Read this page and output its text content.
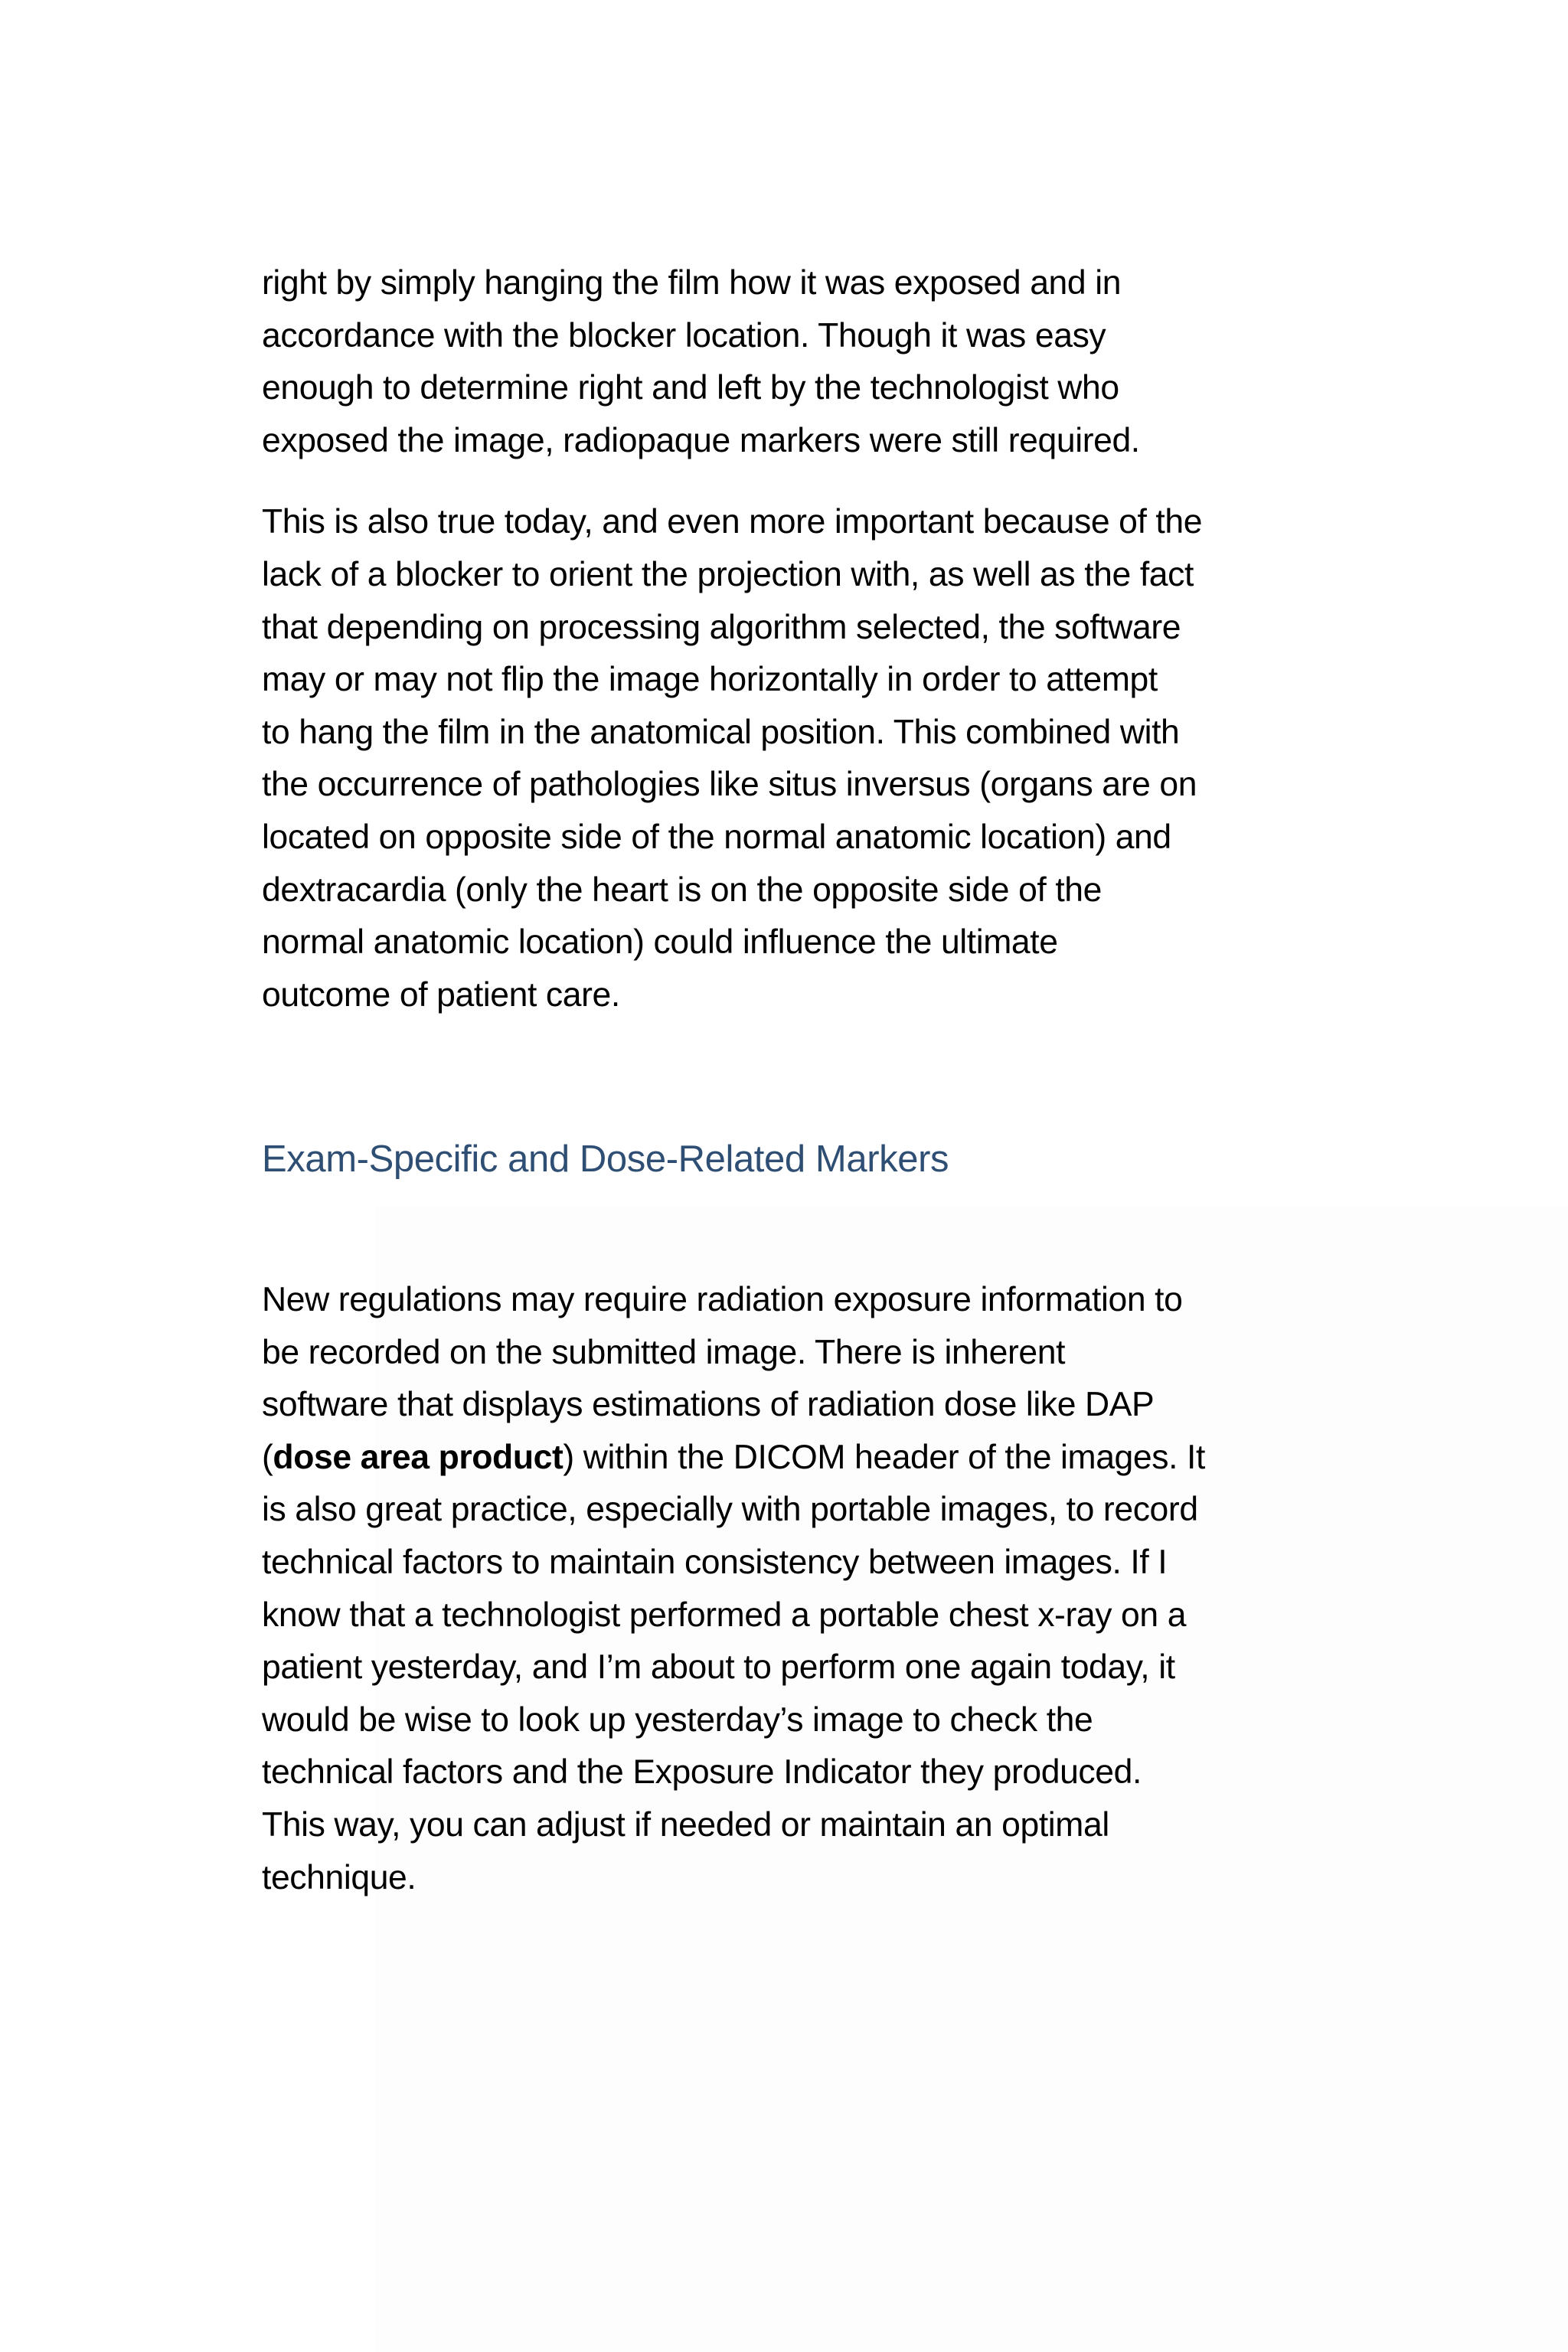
right by simply hanging the film how it was exposed and in
accordance with the blocker location. Though it was easy
enough to determine right and left by the technologist who
exposed the image, radiopaque markers were still required.

This is also true today, and even more important because of the
lack of a blocker to orient the projection with, as well as the fact
that depending on processing algorithm selected, the software
may or may not flip the image horizontally in order to attempt
to hang the film in the anatomical position. This combined with
the occurrence of pathologies like situs inversus (organs are on
located on opposite side of the normal anatomic location) and
dextracardia (only the heart is on the opposite side of the
normal anatomic location) could influence the ultimate
outcome of patient care.

Exam-Specific and Dose-Related Markers

New regulations may require radiation exposure information to
be recorded on the submitted image. There is inherent
software that displays estimations of radiation dose like DAP
(dose area product) within the DICOM header of the images. It
is also great practice, especially with portable images, to record
technical factors to maintain consistency between images. If I
know that a technologist performed a portable chest x-ray on a
patient yesterday, and I’m about to perform one again today, it
would be wise to look up yesterday’s image to check the
technical factors and the Exposure Indicator they produced.
This way, you can adjust if needed or maintain an optimal
technique.
